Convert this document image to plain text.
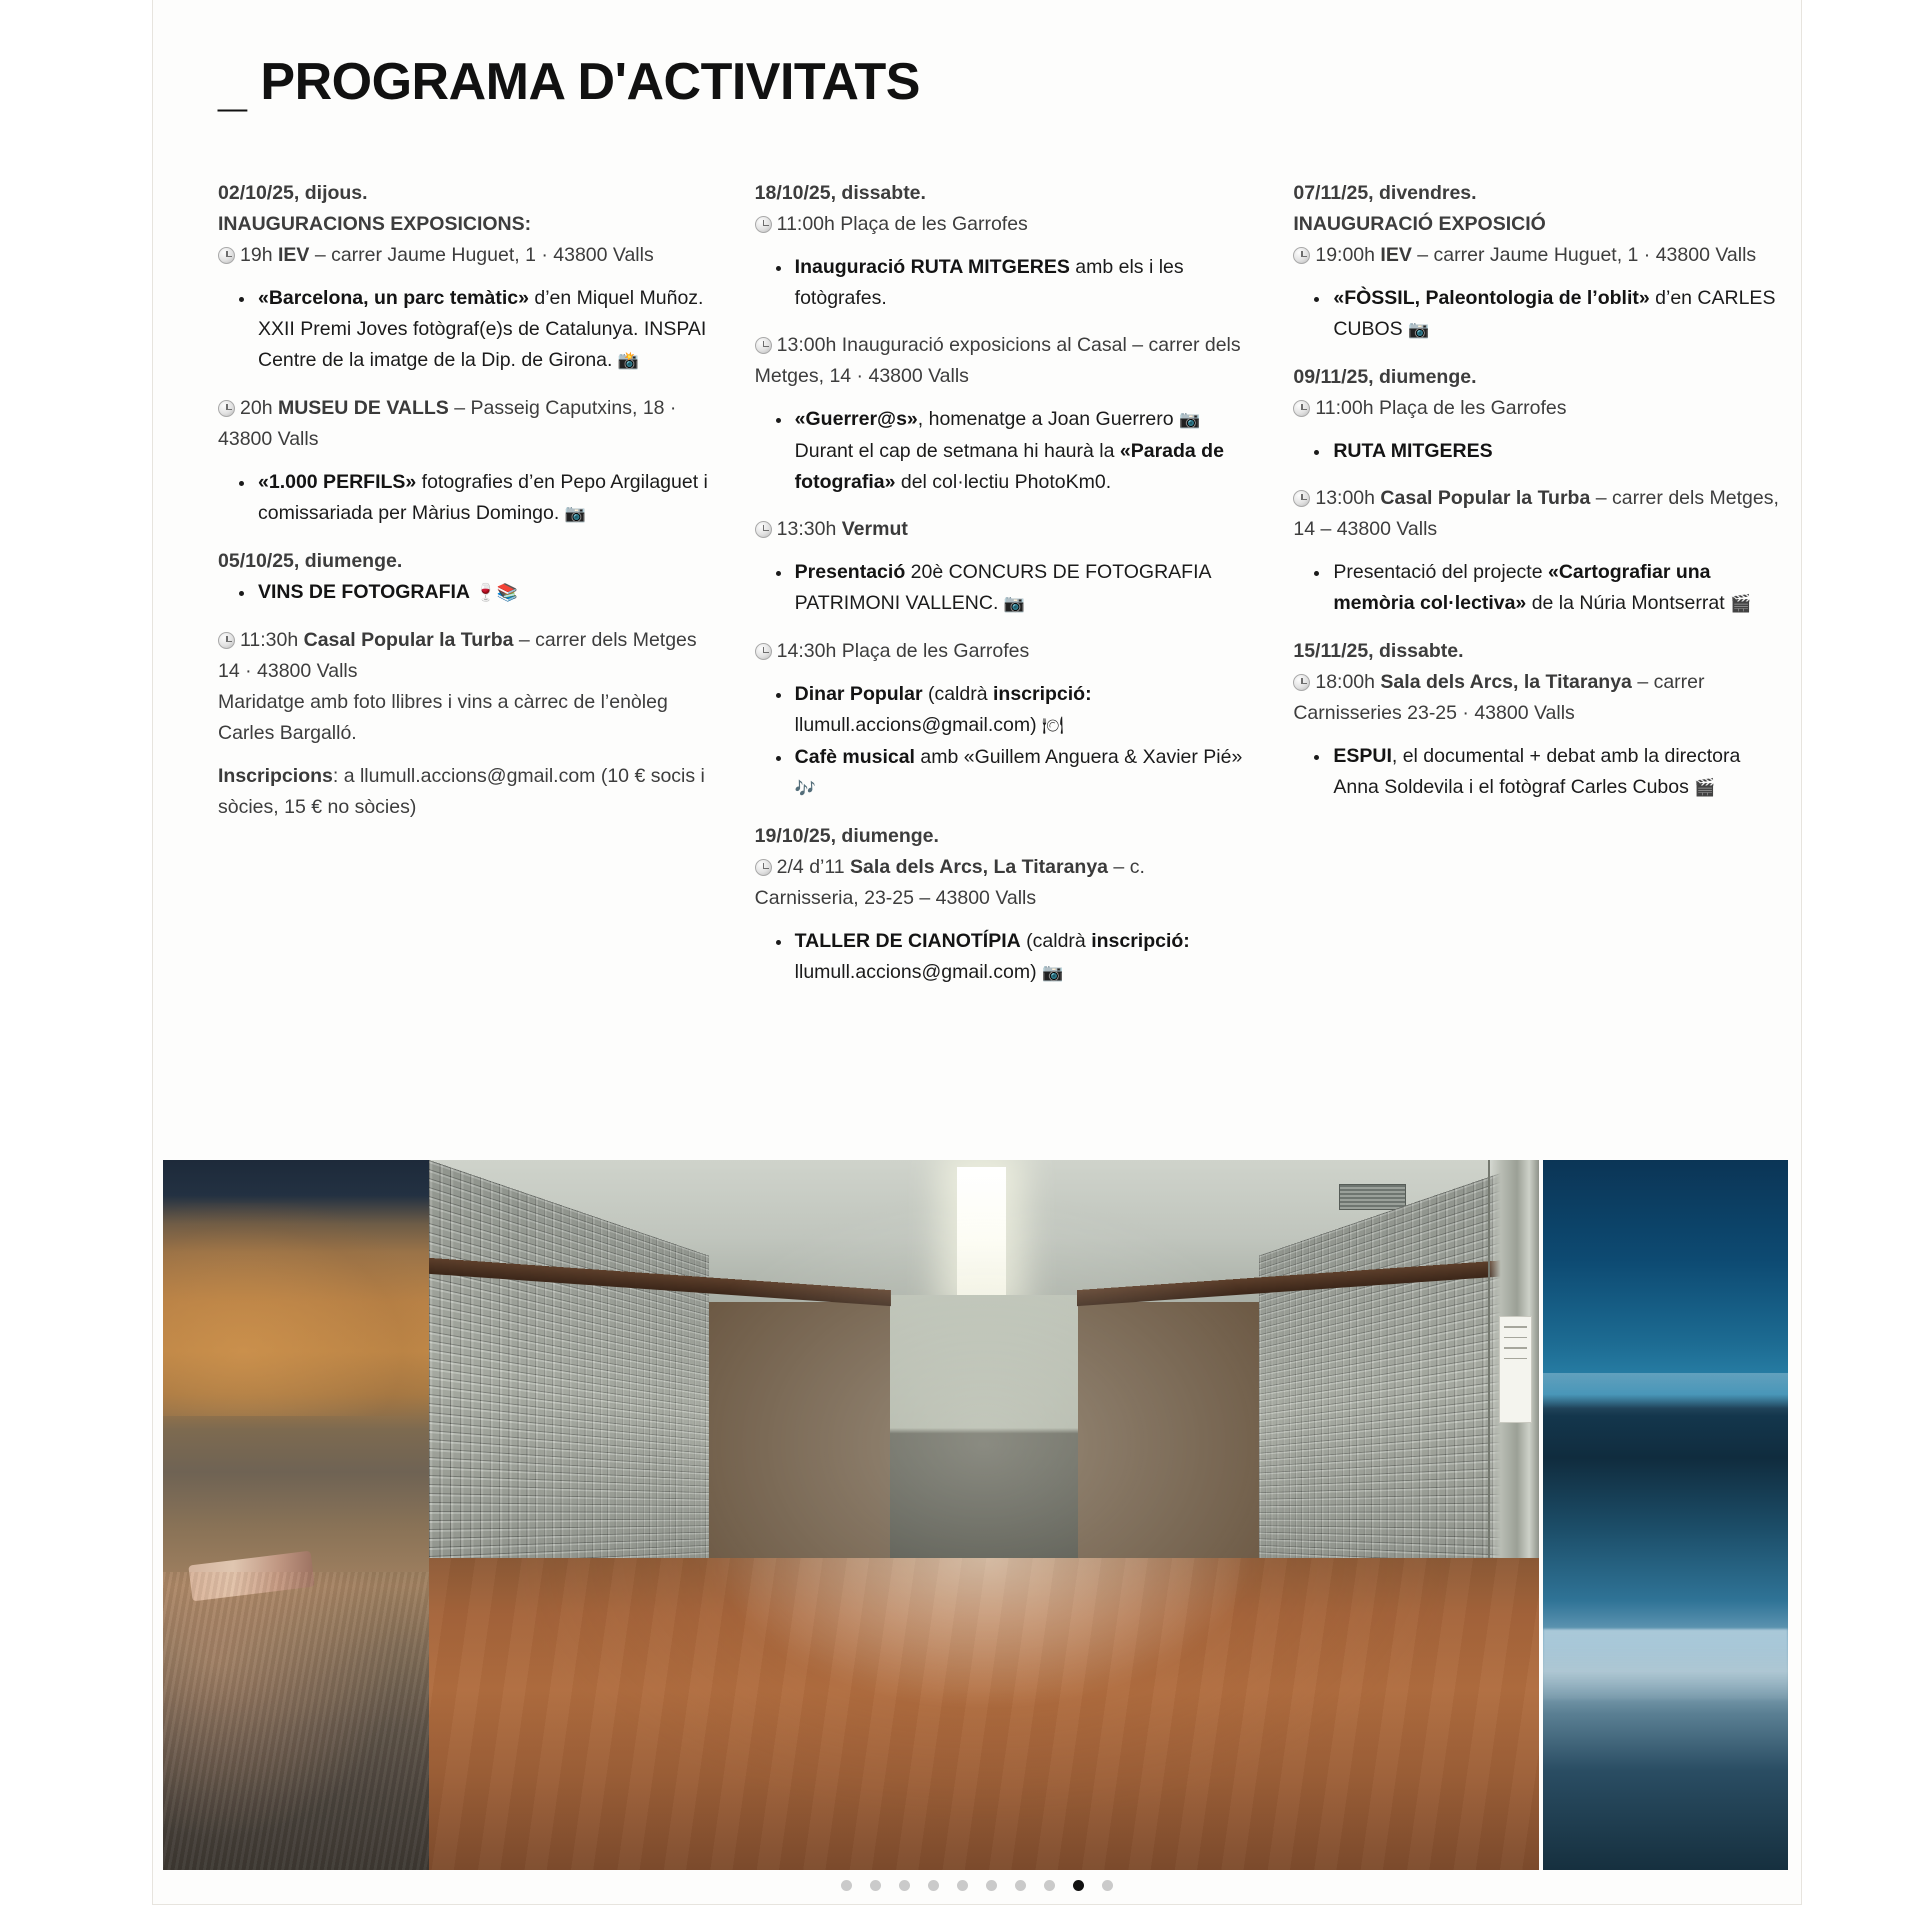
_ PROGRAMA D'ACTIVITATS

02/10/25, dijous.

INAUGURACIONS EXPOSICIONS:

19h IEV – carrer Jaume Huguet, 1 · 43800 Valls

• «Barcelona, un parc temàtic» d’en Miquel Muñoz. XXII Premi Joves fotògraf(e)s de Catalunya. INSPAI Centre de la imatge de la Dip. de Girona. 📸

20h MUSEU DE VALLS – Passeig Caputxins, 18 · 43800 Valls

• «1.000 PERFILS» fotografies d’en Pepo Argilaguet i comissariada per Màrius Domingo. 📷

05/10/25, diumenge.

• VINS DE FOTOGRAFIA 🍷📚

11:30h Casal Popular la Turba – carrer dels Metges 14 · 43800 Valls
Maridatge amb foto llibres i vins a càrrec de l’enòleg Carles Bargalló.

Inscripcions: a llumull.accions@gmail.com (10 € socis i sòcies, 15 € no sòcies)

18/10/25, dissabte.

11:00h Plaça de les Garrofes

• Inauguració RUTA MITGERES amb els i les fotògrafes.

13:00h Inauguració exposicions al Casal – carrer dels Metges, 14 · 43800 Valls

• «Guerrer@s», homenatge a Joan Guerrero 📷
Durant el cap de setmana hi haurà la «Parada de fotografia» del col·lectiu PhotoKm0.

13:30h Vermut

• Presentació 20è CONCURS DE FOTOGRAFIA PATRIMONI VALLENC. 📷

14:30h Plaça de les Garrofes

• Dinar Popular (caldrà inscripció: llumull.accions@gmail.com) 🍽
• Cafè musical amb «Guillem Anguera & Xavier Pié» 🎶

19/10/25, diumenge.

2/4 d’11 Sala dels Arcs, La Titaranya – c. Carnisseria, 23-25 – 43800 Valls

• TALLER DE CIANOTÍPIA (caldrà inscripció: llumull.accions@gmail.com) 📷

07/11/25, divendres.

INAUGURACIÓ EXPOSICIÓ

19:00h IEV – carrer Jaume Huguet, 1 · 43800 Valls

• «FÒSSIL, Paleontologia de l’oblit» d’en CARLES CUBOS 📷

09/11/25, diumenge.

11:00h Plaça de les Garrofes

• RUTA MITGERES

13:00h Casal Popular la Turba – carrer dels Metges, 14 – 43800 Valls

• Presentació del projecte «Cartografiar una memòria col·lectiva» de la Núria Montserrat 🎬

15/11/25, dissabte.

18:00h Sala dels Arcs, la Titaranya – carrer Carnisseries 23-25 · 43800 Valls

• ESPUI, el documental + debat amb la directora Anna Soldevila i el fotògraf Carles Cubos 🎬
